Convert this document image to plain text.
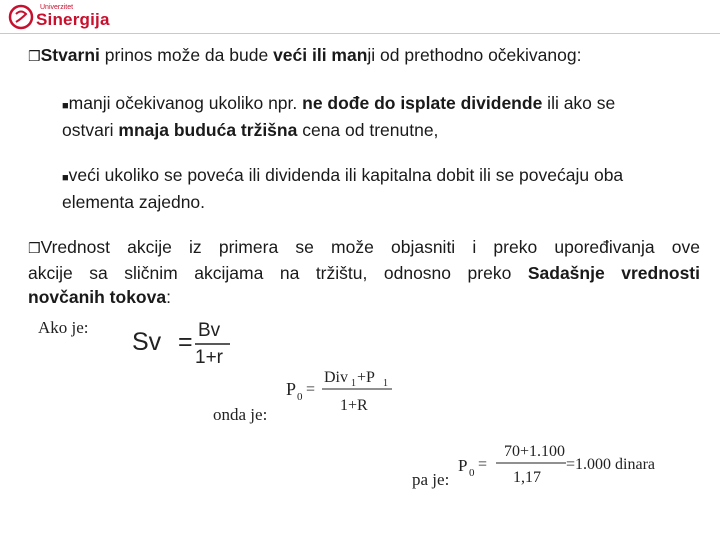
Univerzitet
Sinergija
❒Stvarni prinos može da bude veći ili manji od prethodno očekivanog:
■manji očekivanog ukoliko npr. ne dođe do isplate dividende ili ako se
ostvari mnaja buduća tržišna cena od trenutne,
■veći ukoliko se poveća ili dividenda ili kapitalna dobit ili se povećaju oba
elementa zajedno.
❒Vrednost akcije iz primera se može objasniti i preko upoređivanja ove
akcije sa sličnim akcijama na tržištu, odnosno preko Sadašnje vrednosti
novčanih tokova:
Ako je:
onda je:
pa je:
Sv = Bv
1+r
P 0 =
Div 1 +P 1
1+R
P 0 =
70+1.100
1,17
=1.000 dinara
